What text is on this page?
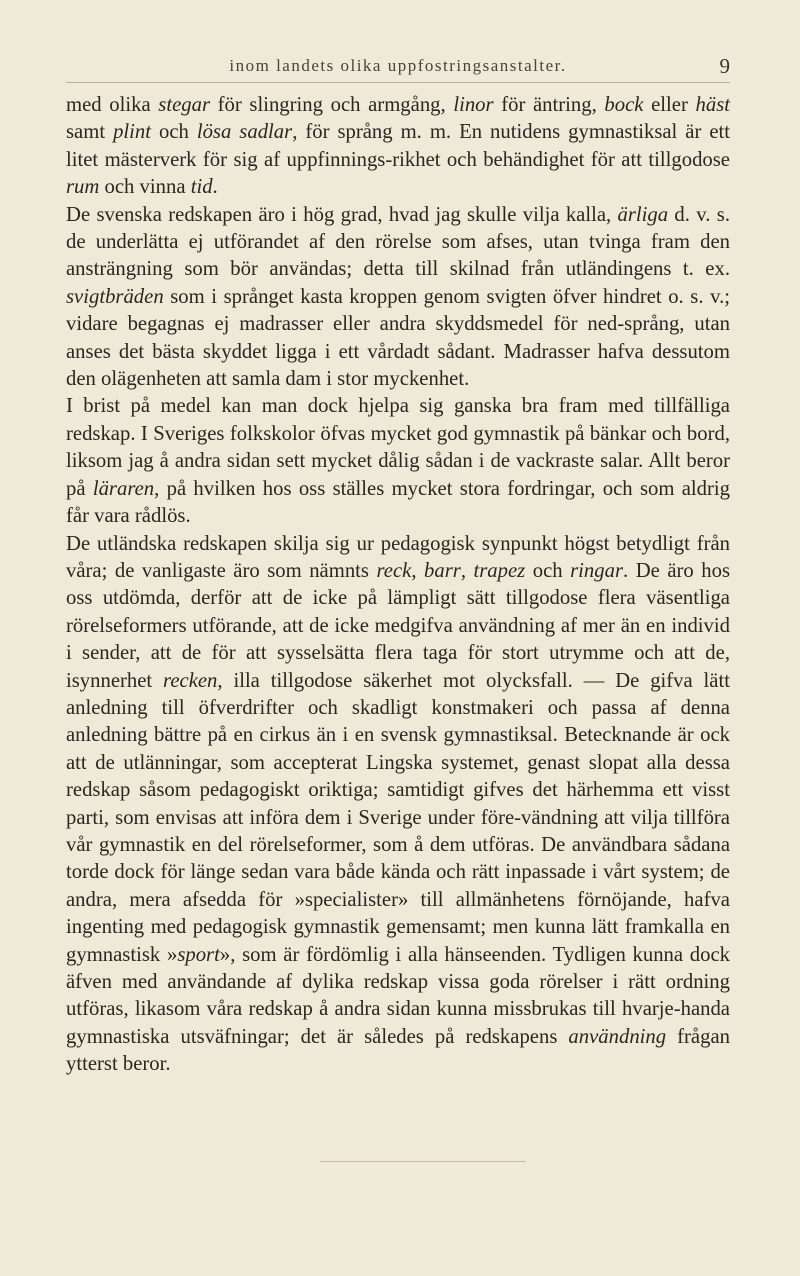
inom landets olika uppfostringsanstalter.	9

med olika stegar för slingring och armgång, linor för äntring, bock eller häst samt plint och lösa sadlar, för språng m. m. En nutidens gymnastiksal är ett litet mästerverk för sig af uppfinnings-rikhet och behändighet för att tillgodose rum och vinna tid.

De svenska redskapen äro i hög grad, hvad jag skulle vilja kalla, ärliga d. v. s. de underlätta ej utförandet af den rörelse som afses, utan tvinga fram den ansträngning som bör användas; detta till skilnad från utländingens t. ex. svigtbräden som i språnget kasta kroppen genom svigten öfver hindret o. s. v.; vidare begagnas ej madrasser eller andra skyddsmedel för ned-språng, utan anses det bästa skyddet ligga i ett vårdadt sådant. Madrasser hafva dessutom den olägenheten att samla dam i stor myckenhet.

I brist på medel kan man dock hjelpa sig ganska bra fram med tillfälliga redskap. I Sveriges folkskolor öfvas mycket god gymnastik på bänkar och bord, liksom jag å andra sidan sett mycket dålig sådan i de vackraste salar. Allt beror på läraren, på hvilken hos oss ställes mycket stora fordringar, och som aldrig får vara rådlös.

De utländska redskapen skilja sig ur pedagogisk synpunkt högst betydligt från våra; de vanligaste äro som nämnts reck, barr, trapez och ringar. De äro hos oss utdömda, derför att de icke på lämpligt sätt tillgodose flera väsentliga rörelseformers utförande, att de icke medgifva användning af mer än en individ i sender, att de för att sysselsätta flera taga för stort utrymme och att de, isynnerhet recken, illa tillgodose säkerhet mot olycksfall. — De gifva lätt anledning till öfverdrifter och skadligt konstmakeri och passa af denna anledning bättre på en cirkus än i en svensk gymnastiksal. Betecknande är ock att de utlänningar, som accepterat Lingska systemet, genast slopat alla dessa redskap såsom pedagogiskt oriktiga; samtidigt gifves det härhemma ett visst parti, som envisas att införa dem i Sverige under före-vändning att vilja tillföra vår gymnastik en del rörelseformer, som å dem utföras. De användbara sådana torde dock för länge sedan vara både kända och rätt inpassade i vårt system; de andra, mera afsedda för »specialister» till allmänhetens förnöjande, hafva ingenting med pedagogisk gymnastik gemensamt; men kunna lätt framkalla en gymnastisk »sport», som är fördömlig i alla hänseenden. Tydligen kunna dock äfven med användande af dylika redskap vissa goda rörelser i rätt ordning utföras, likasom våra redskap å andra sidan kunna missbrukas till hvarje-handa gymnastiska utsväfningar; det är således på redskapens användning frågan ytterst beror.
